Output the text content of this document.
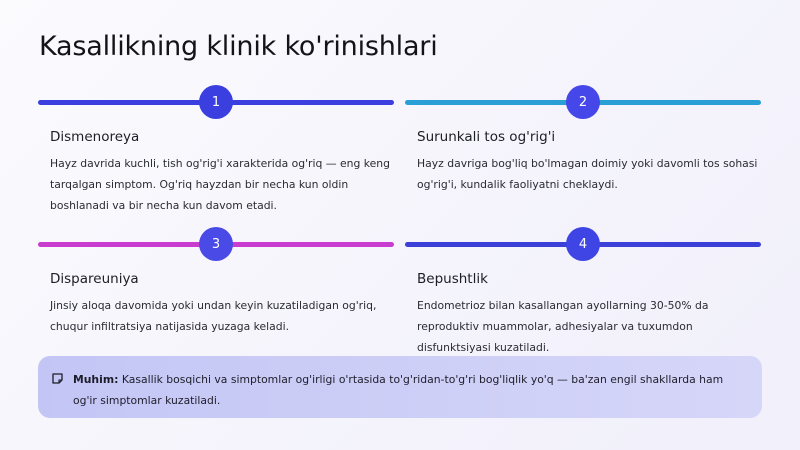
Kasallikning klinik ko'rinishlari
1
Dismenoreya
Hayz davrida kuchli, tish og'rig'i xarakterida og'riq — eng keng tarqalgan simptom. Og'riq hayzdan bir necha kun oldin boshlanadi va bir necha kun davom etadi.
2
Surunkali tos og'rig'i
Hayz davriga bog'liq bo'lmagan doimiy yoki davomli tos sohasi og'rig'i, kundalik faoliyatni cheklaydi.
3
Dispareuniya
Jinsiy aloqa davomida yoki undan keyin kuzatiladigan og'riq, chuqur infiltratsiya natijasida yuzaga keladi.
4
Bepushtlik
Endometrioz bilan kasallangan ayollarning 30-50% da reproduktiv muammolar, adhesiyalar va tuxumdon disfunktsiyasi kuzatiladi.
Muhim: Kasallik bosqichi va simptomlar og'irligi o'rtasida to'g'ridan-to'g'ri bog'liqlik yo'q — ba'zan engil shakllarda ham og'ir simptomlar kuzatiladi.
